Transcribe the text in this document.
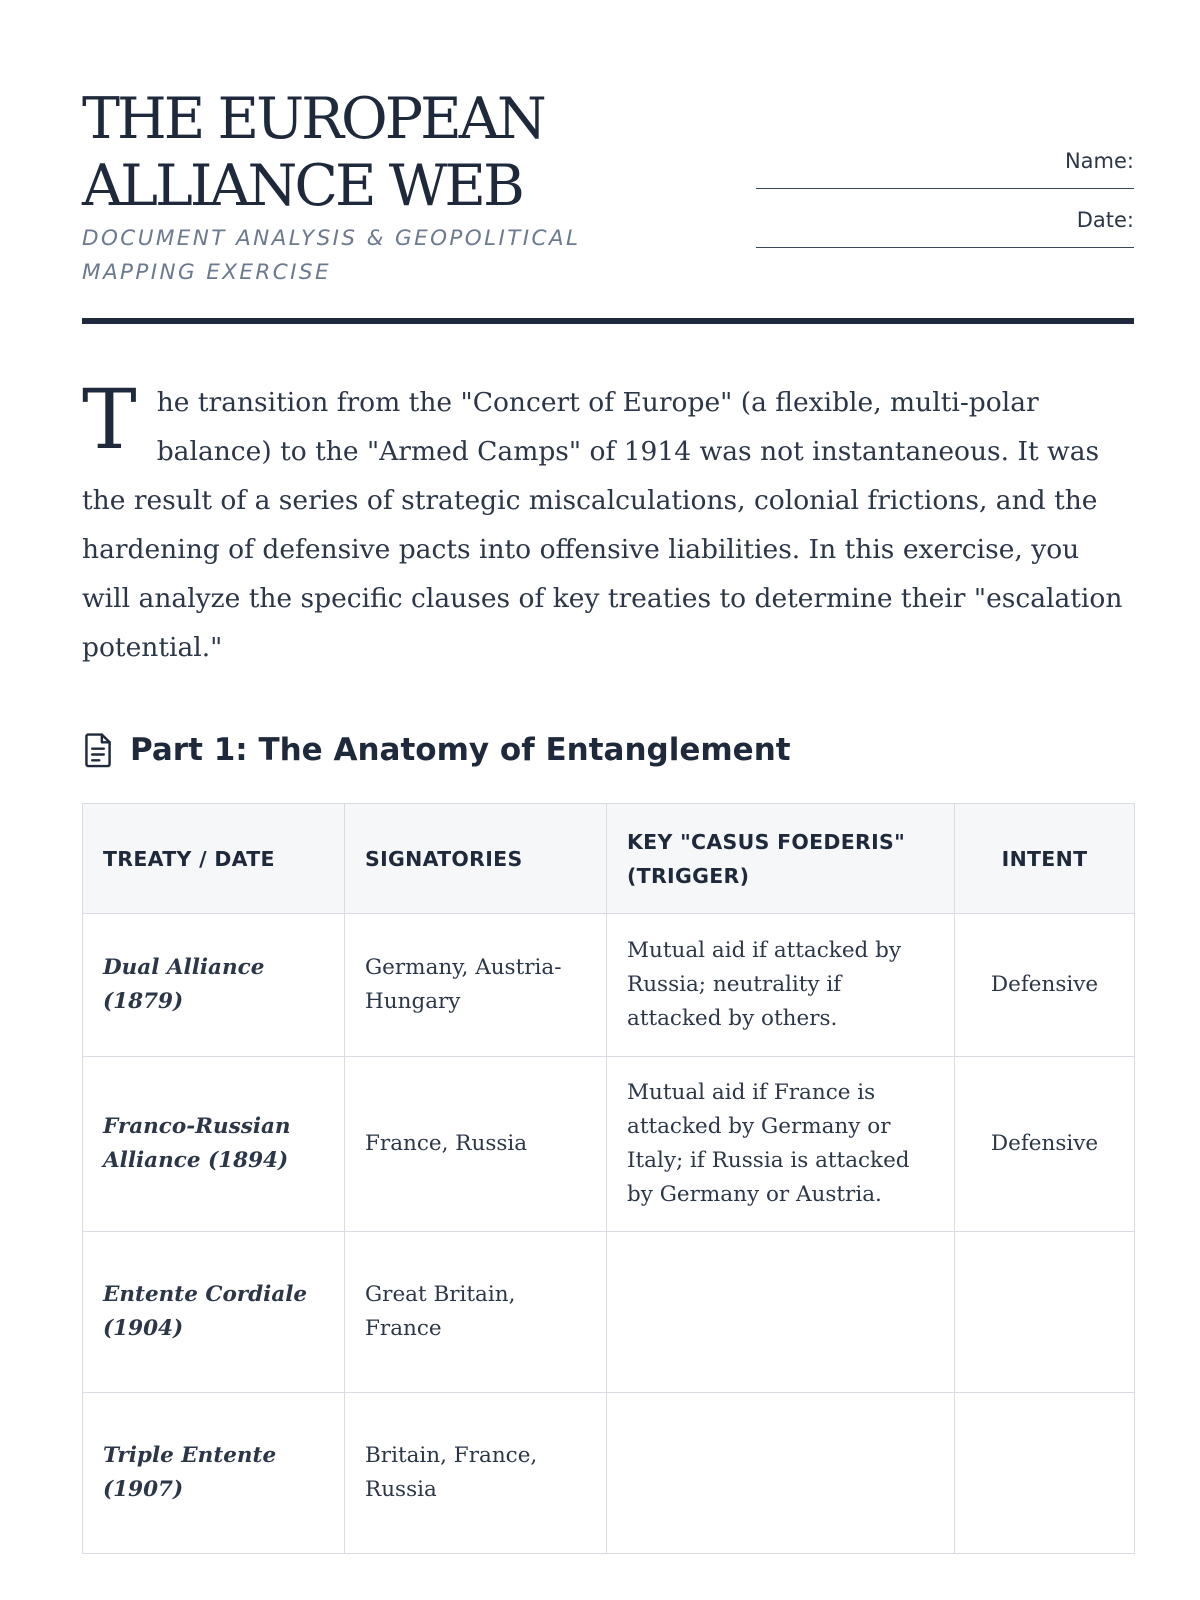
THE EUROPEAN ALLIANCE WEB
DOCUMENT ANALYSIS & GEOPOLITICAL MAPPING EXERCISE
Name:
Date:

The transition from the "Concert of Europe" (a flexible, multi-polar balance) to the "Armed Camps" of 1914 was not instantaneous. It was the result of a series of strategic miscalculations, colonial frictions, and the hardening of defensive pacts into offensive liabilities. In this exercise, you will analyze the specific clauses of key treaties to determine their "escalation potential."

Part 1: The Anatomy of Entanglement
TREATY / DATE	SIGNATORIES	KEY "CASUS FOEDERIS" (TRIGGER)	INTENT
Dual Alliance (1879)	Germany, Austria-Hungary	Mutual aid if attacked by Russia; neutrality if attacked by others.	Defensive
Franco-Russian Alliance (1894)	France, Russia	Mutual aid if France is attacked by Germany or Italy; if Russia is attacked by Germany or Austria.	Defensive
Entente Cordiale (1904)	Great Britain, France		
Triple Entente (1907)	Britain, France, Russia		
